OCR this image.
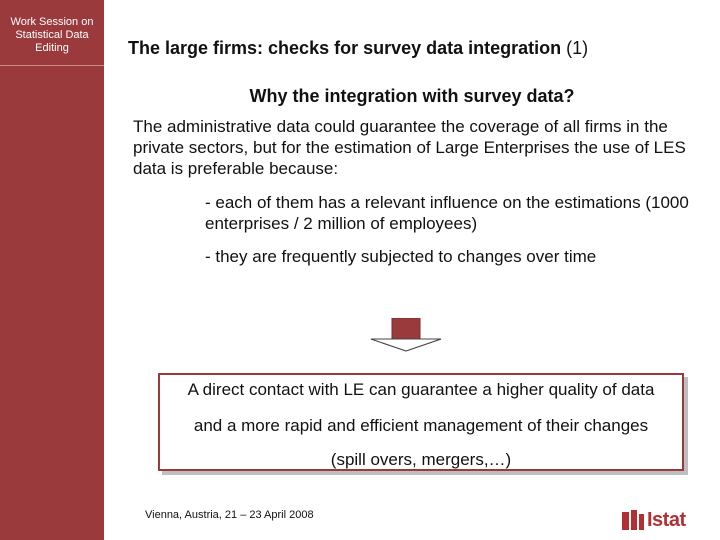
Work Session on
Statistical Data
Editing	The large firms: checks for survey data integration (1)
Why the integration with survey data?
The administrative data could guarantee the coverage of all firms in the private sectors, but for the estimation of Large Enterprises the use of LES data is preferable because:
- each of them has a relevant influence on the estimations (1000 enterprises / 2 million of employees)
- they are frequently subjected to changes over time
A direct contact with LE can guarantee a higher quality of data
and a more rapid and efficient management of their changes
(spill overs, mergers,…)
Vienna, Austria, 21 – 23 April 2008	Istat
